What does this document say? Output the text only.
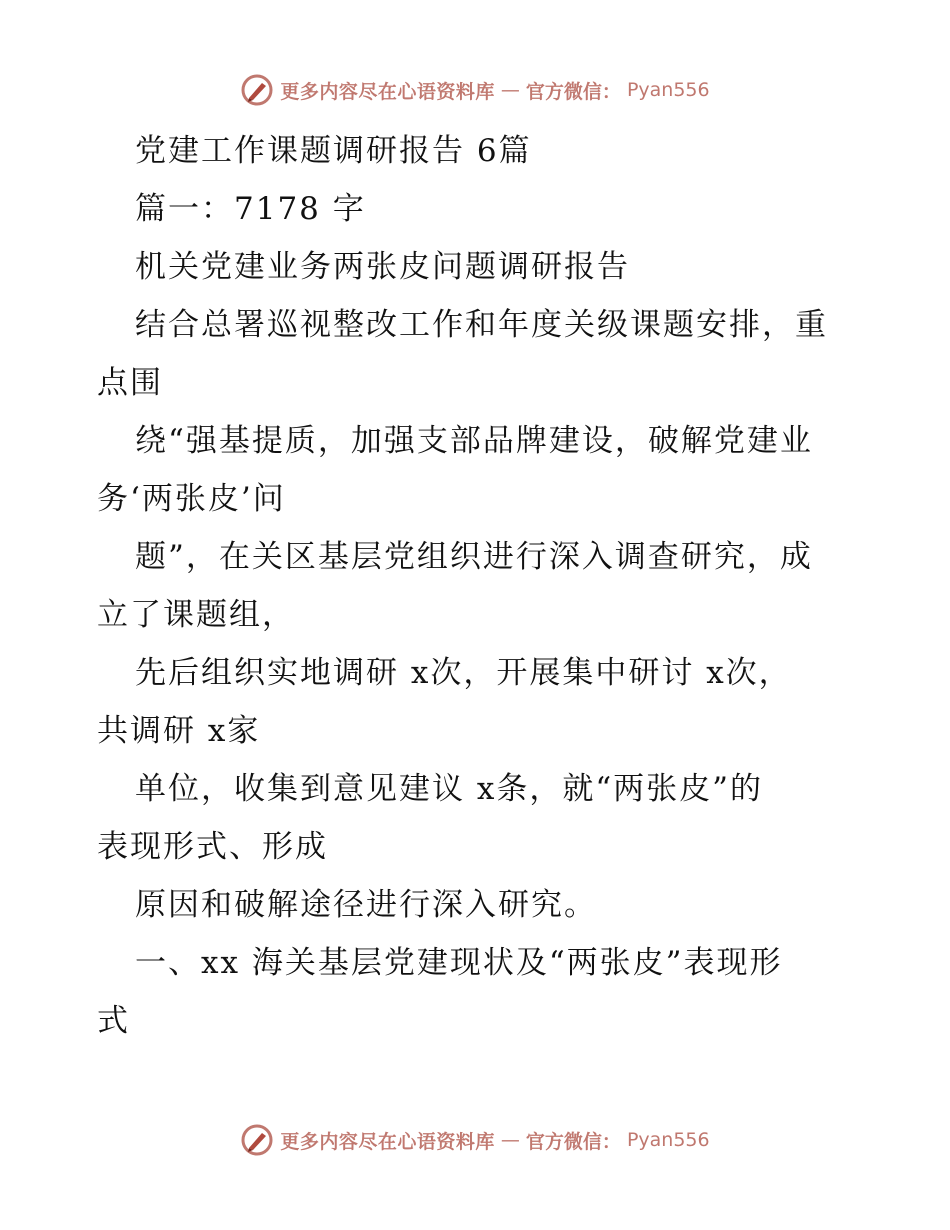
更多内容尽在心语资料库 — 官方微信： Pyan556
党建工作课题调研报告 6篇
篇一：7178 字
机关党建业务两张皮问题调研报告
结合总署巡视整改工作和年度关级课题安排，重
点围
绕“强基提质，加强支部品牌建设，破解党建业
务‘两张皮’问
题”，在关区基层党组织进行深入调查研究，成
立了课题组，
先后组织实地调研 x次，开展集中研讨 x次，
共调研 x家
单位，收集到意见建议 x条，就“两张皮”的
表现形式、形成
原因和破解途径进行深入研究。
一、xx 海关基层党建现状及“两张皮”表现形
式
更多内容尽在心语资料库 — 官方微信： Pyan556
